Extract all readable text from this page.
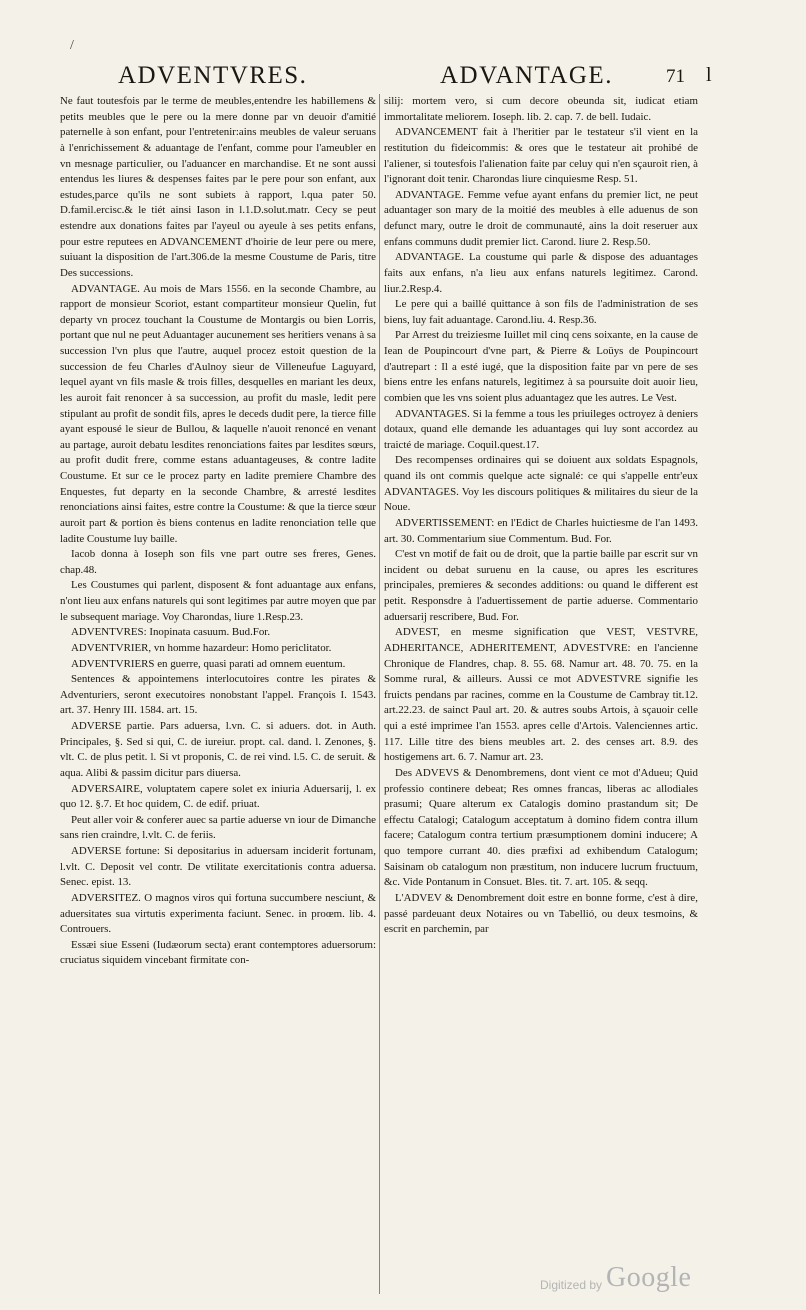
/
l
ADVENTVRES.	ADVANTAGE.	71

Ne faut toutesfois par le terme de meubles,entendre les habillemens & petits meubles que le pere ou la mere donne par vn deuoir d'amitié paternelle à son enfant, pour l'entretenir:ains meubles de valeur seruans à l'enrichissement & aduantage de l'enfant, comme pour l'ameubler en vn mesnage particulier, ou l'aduancer en marchandise. Et ne sont aussi entendus les liures & despenses faites par le pere pour son enfant, aux estudes,parce qu'ils ne sont subiets à rapport, l.qua pater 50. D.famil.ercisc.& le tiét ainsi Iason in l.1.D.solut.matr. Cecy se peut estendre aux donations faites par l'ayeul ou ayeule à ses petits enfans, pour estre reputees en ADVANCEMENT d'hoirie de leur pere ou mere, suiuant la disposition de l'art.306.de la mesme Coustume de Paris, titre Des successions.

ADVANTAGE. Au mois de Mars 1556. en la seconde Chambre, au rapport de monsieur Scoriot, estant compartiteur monsieur Quelin, fut departy vn procez touchant la Coustume de Montargis ou bien Lorris, portant que nul ne peut Aduantager aucunement ses heritiers venans à sa succession l'vn plus que l'autre, auquel procez estoit question de la succession de feu Charles d'Aulnoy sieur de Villeneufue Laguyard, lequel ayant vn fils masle & trois filles, desquelles en mariant les deux, les auroit fait renoncer à sa succession, au profit du masle, ledit pere stipulant au profit de sondit fils, apres le deceds dudit pere, la tierce fille ayant espousé le sieur de Bullou, & laquelle n'auoit renoncé en venant au partage, auroit debatu lesdites renonciations faites par lesdites sœurs, au profit dudit frere, comme estans aduantageuses, & contre ladite Coustume. Et sur ce le procez party en ladite premiere Chambre des Enquestes, fut departy en la seconde Chambre, & arresté lesdites renonciations ainsi faites, estre contre la Coustume: & que la tierce sœur auroit part & portion ès biens contenus en ladite renonciation telle que ladite Coustume luy baille.

Iacob donna à Ioseph son fils vne part outre ses freres, Genes. chap.48.

Les Coustumes qui parlent, disposent & font aduantage aux enfans, n'ont lieu aux enfans naturels qui sont legitimes par autre moyen que par le subsequent mariage. Voy Charondas, liure 1.Resp.23.

ADVENTVRES: Inopinata casuum. Bud.For.

ADVENTVRIER, vn homme hazardeur: Homo periclitator.

ADVENTVRIERS en guerre, quasi parati ad omnem euentum.

Sentences & appointemens interlocutoires contre les pirates & Adventuriers, seront executoires nonobstant l'appel. François I. 1543. art. 37. Henry III. 1584. art. 15.

ADVERSE partie. Pars aduersa, l.vn. C. si aduers. dot. in Auth. Principales, §. Sed si qui, C. de iureiur. propt. cal. dand. l. Zenones, §. vlt. C. de plus petit. l. Si vt proponis, C. de rei vind. l.5. C. de seruit. & aqua. Alibi & passim dicitur pars diuersa.

ADVERSAIRE, voluptatem capere solet ex iniuria Aduersarij, l. ex quo 12. §.7. Et hoc quidem, C. de edif. priuat.

Peut aller voir & conferer auec sa partie aduerse vn iour de Dimanche sans rien craindre, l.vlt. C. de feriis.

ADVERSE fortune: Si depositarius in aduersam inciderit fortunam, l.vlt. C. Deposit vel contr. De vtilitate exercitationis contra aduersa. Senec. epist. 13.

ADVERSITEZ. O magnos viros qui fortuna succumbere nesciunt, & aduersitates sua virtutis experimenta faciunt. Senec. in proœm. lib. 4. Controuers.

Essæi siue Esseni (Iudæorum secta) erant contemptores aduersorum: cruciatus siquidem vincebant firmitate con-

silij: mortem vero, si cum decore obeunda sit, iudicat etiam immortalitate meliorem. Ioseph. lib. 2. cap. 7. de bell. Iudaic.

ADVANCEMENT fait à l'heritier par le testateur s'il vient en la restitution du fideicommis: & ores que le testateur ait prohibé de l'aliener, si toutesfois l'alienation faite par celuy qui n'en sçauroit rien, à l'ignorant doit tenir. Charondas liure cinquiesme Resp. 51.

ADVANTAGE. Femme vefue ayant enfans du premier lict, ne peut aduantager son mary de la moitié des meubles à elle aduenus de son defunct mary, outre le droit de communauté, ains la doit reseruer aux enfans communs dudit premier lict. Carond. liure 2. Resp.50.

ADVANTAGE. La coustume qui parle & dispose des aduantages faits aux enfans, n'a lieu aux enfans naturels legitimez. Carond. liur.2.Resp.4.

Le pere qui a baillé quittance à son fils de l'administration de ses biens, luy fait aduantage. Carond.liu. 4. Resp.36.

Par Arrest du treiziesme Iuillet mil cinq cens soixante, en la cause de Iean de Poupincourt d'vne part, & Pierre & Loüys de Poupincourt d'autrepart : Il a esté iugé, que la disposition faite par vn pere de ses biens entre les enfans naturels, legitimez à sa poursuite doit auoir lieu, combien que les vns soient plus aduantagez que les autres. Le Vest.

ADVANTAGES. Si la femme a tous les priuileges octroyez à deniers dotaux, quand elle demande les aduantages qui luy sont accordez au traicté de mariage. Coquil.quest.17.

Des recompenses ordinaires qui se doiuent aux soldats Espagnols, quand ils ont commis quelque acte signalé: ce qui s'appelle entr'eux ADVANTAGES. Voy les discours politiques & militaires du sieur de la Noue.

ADVERTISSEMENT: en l'Edict de Charles huictiesme de l'an 1493. art. 30. Commentarium siue Commentum. Bud. For.

C'est vn motif de fait ou de droit, que la partie baille par escrit sur vn incident ou debat suruenu en la cause, ou apres les escritures principales, premieres & secondes additions: ou quand le different est petit. Responsdre à l'aduertissement de partie aduerse. Commentario aduersarij rescribere, Bud. For.

ADVEST, en mesme signification que VEST, VESTVRE, ADHERITANCE, ADHERITEMENT, ADVESTVRE: en l'ancienne Chronique de Flandres, chap. 8. 55. 68. Namur art. 48. 70. 75. en la Somme rural, & ailleurs. Aussi ce mot ADVESTVRE signifie les fruicts pendans par racines, comme en la Coustume de Cambray tit.12. art.22.23. de sainct Paul art. 20. & autres soubs Artois, à sçauoir celle qui a esté imprimee l'an 1553. apres celle d'Artois. Valenciennes artic. 117. Lille titre des biens meubles art. 2. des censes art. 8.9. des hostigemens art. 6. 7. Namur art. 23.

Des ADVEVS & Denombremens, dont vient ce mot d'Adueu; Quid professio continere debeat; Res omnes francas, liberas ac allodiales prasumi; Quare alterum ex Catalogis domino prastandum sit; De effectu Catalogi; Catalogum acceptatum à domino fidem contra illum facere; Catalogum contra tertium præsumptionem domini inducere; A quo tempore currant 40. dies præfixi ad exhibendum Catalogum; Saisinam ob catalogum non præstitum, non inducere lucrum fructuum, &c. Vide Pontanum in Consuet. Bles. tit. 7. art. 105. & seqq.

L'ADVEV & Denombrement doit estre en bonne forme, c'est à dire, passé pardeuant deux Notaires ou vn Tabellió, ou deux tesmoins, & escrit en parchemin, par

Digitized by Google
